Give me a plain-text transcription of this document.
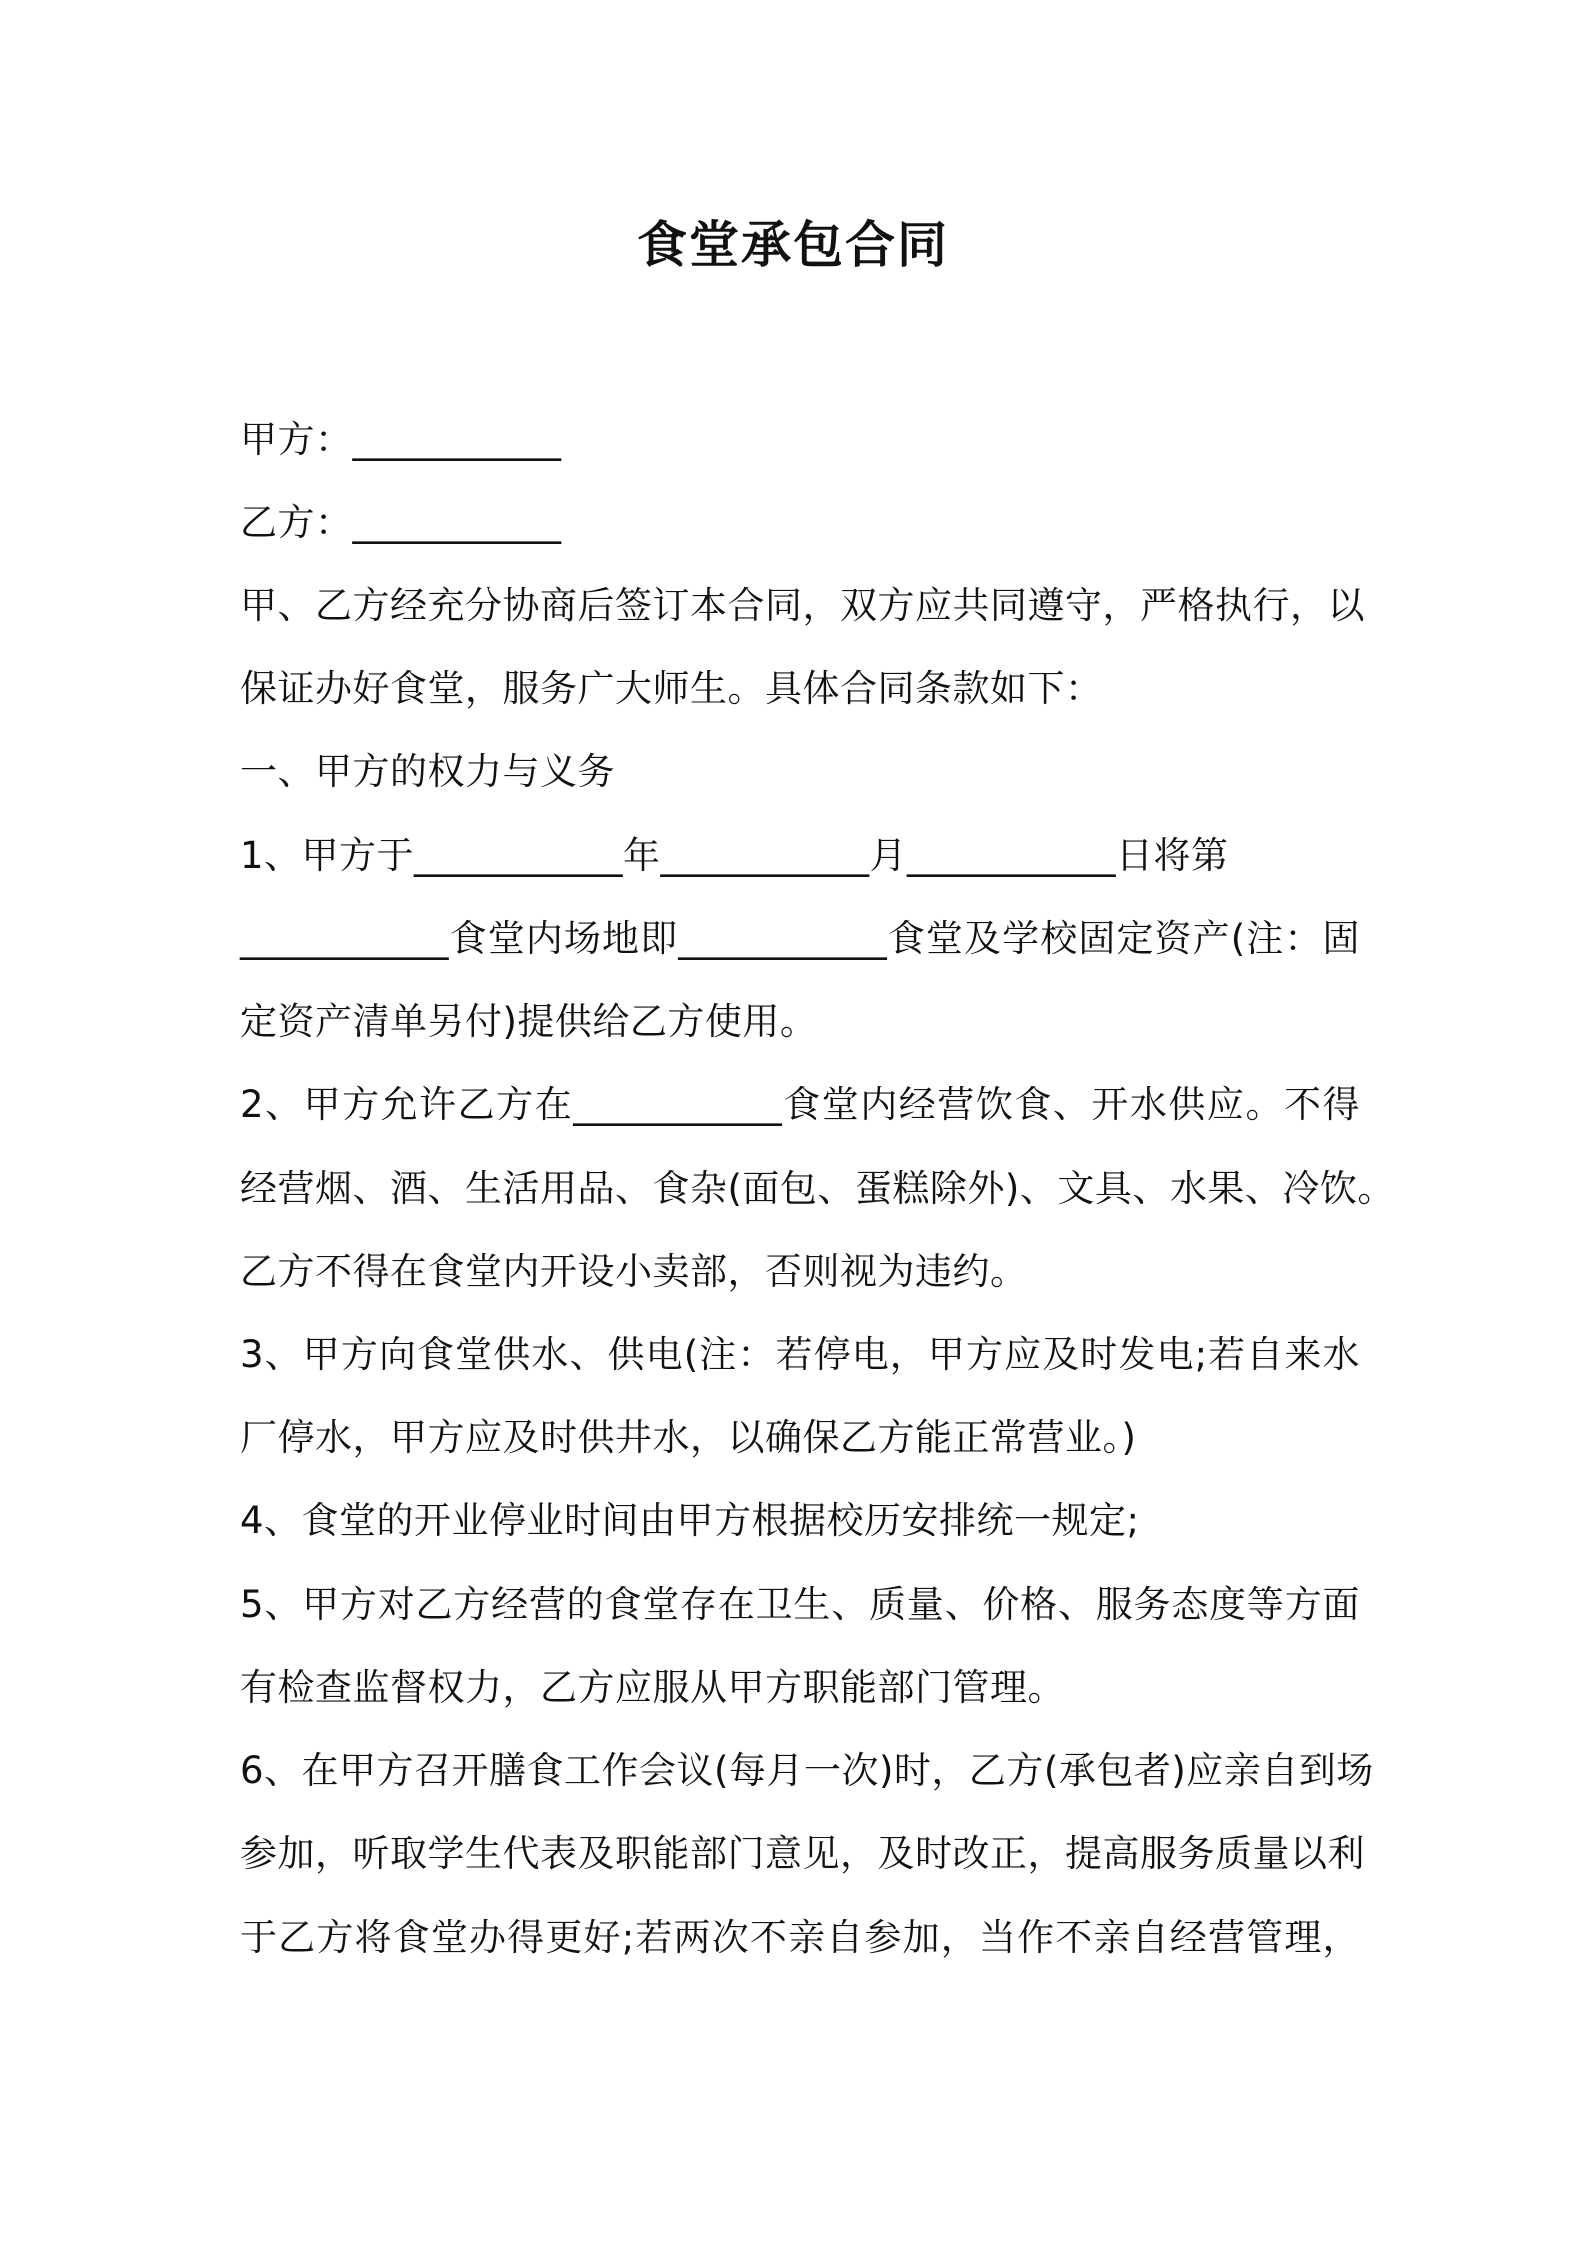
食堂承包合同
甲方：___________
乙方：___________
甲、乙方经充分协商后签订本合同，双方应共同遵守，严格执行，以
保证办好食堂，服务广大师生。具体合同条款如下：
一、甲方的权力与义务
1、甲方于___________年___________月___________日将第
___________食堂内场地即___________食堂及学校固定资产(注：固
定资产清单另付)提供给乙方使用。
2、甲方允许乙方在___________食堂内经营饮食、开水供应。不得
经营烟、酒、生活用品、食杂(面包、蛋糕除外)、文具、水果、冷饮。
乙方不得在食堂内开设小卖部，否则视为违约。
3、甲方向食堂供水、供电(注：若停电，甲方应及时发电;若自来水
厂停水，甲方应及时供井水，以确保乙方能正常营业。)
4、食堂的开业停业时间由甲方根据校历安排统一规定;
5、甲方对乙方经营的食堂存在卫生、质量、价格、服务态度等方面
有检查监督权力，乙方应服从甲方职能部门管理。
6、在甲方召开膳食工作会议(每月一次)时，乙方(承包者)应亲自到场
参加，听取学生代表及职能部门意见，及时改正，提高服务质量以利
于乙方将食堂办得更好;若两次不亲自参加，当作不亲自经营管理，
